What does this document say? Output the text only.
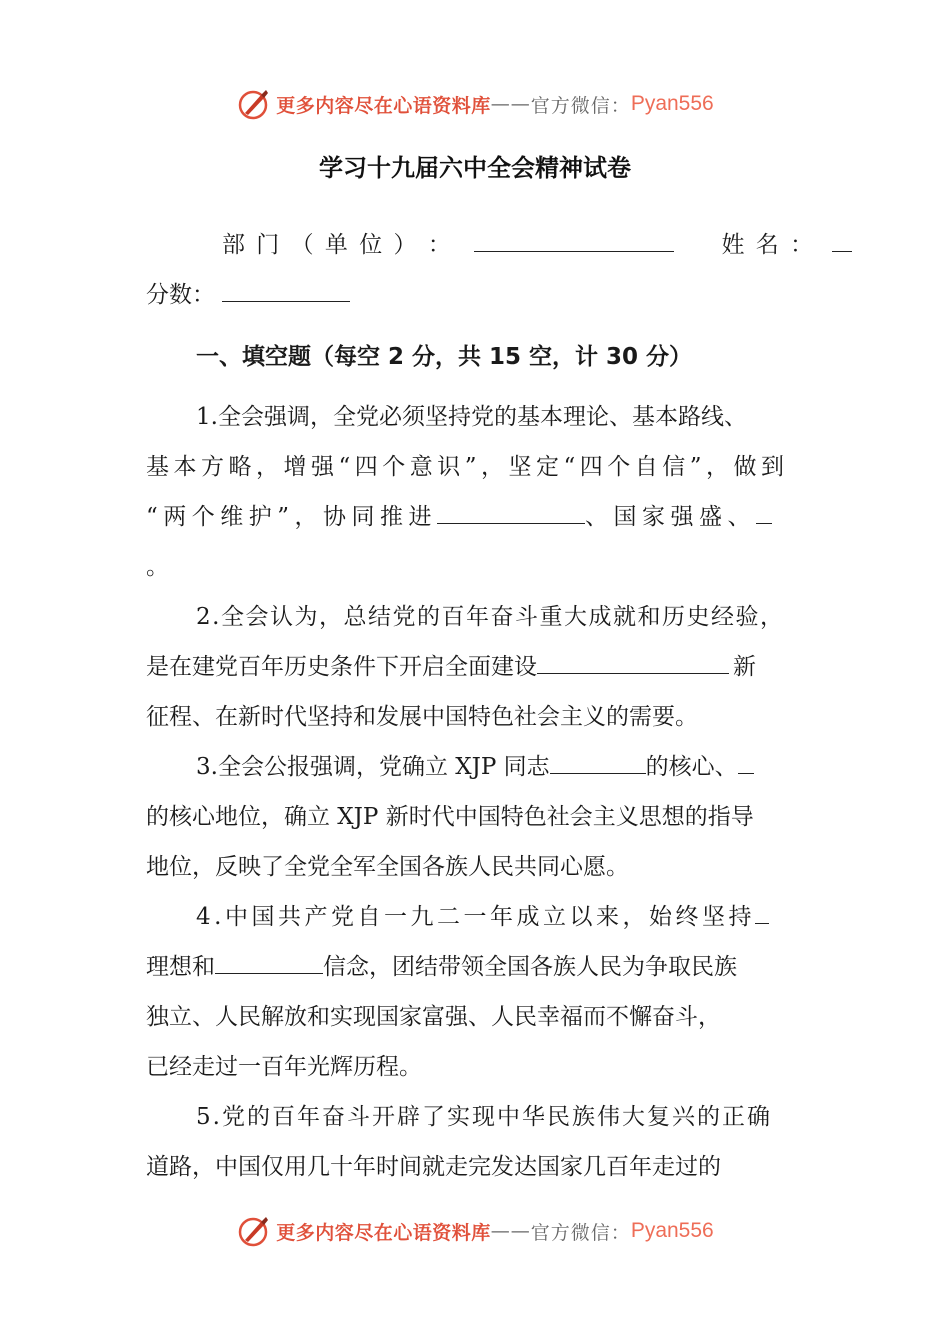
更多内容尽在心语资料库 —— 官方微信： Pyan556
学习十九届六中全会精神试卷
部 门 （ 单 位 ） ：	姓 名 ：
分数：
一、填空题（每空 2 分，共 15 空，计 30 分）
1.全会强调，全党必须坚持党的基本理论、基本路线、
基本方略，增强“四个意识”，坚定“四个自信”，做到
“两个维护”，协同推进	、国家强盛、
。
2.全会认为，总结党的百年奋斗重大成就和历史经验，
是在建党百年历史条件下开启全面建设	新
征程、在新时代坚持和发展中国特色社会主义的需要。
3.全会公报强调，党确立 XJP 同志	的核心、
的核心地位，确立 XJP 新时代中国特色社会主义思想的指导
地位，反映了全党全军全国各族人民共同心愿。
4.中国共产党自一九二一年成立以来，始终坚持
理想和	信念，团结带领全国各族人民为争取民族
独立、人民解放和实现国家富强、人民幸福而不懈奋斗，
已经走过一百年光辉历程。
5.党的百年奋斗开辟了实现中华民族伟大复兴的正确
道路，中国仅用几十年时间就走完发达国家几百年走过的
更多内容尽在心语资料库 —— 官方微信： Pyan556
